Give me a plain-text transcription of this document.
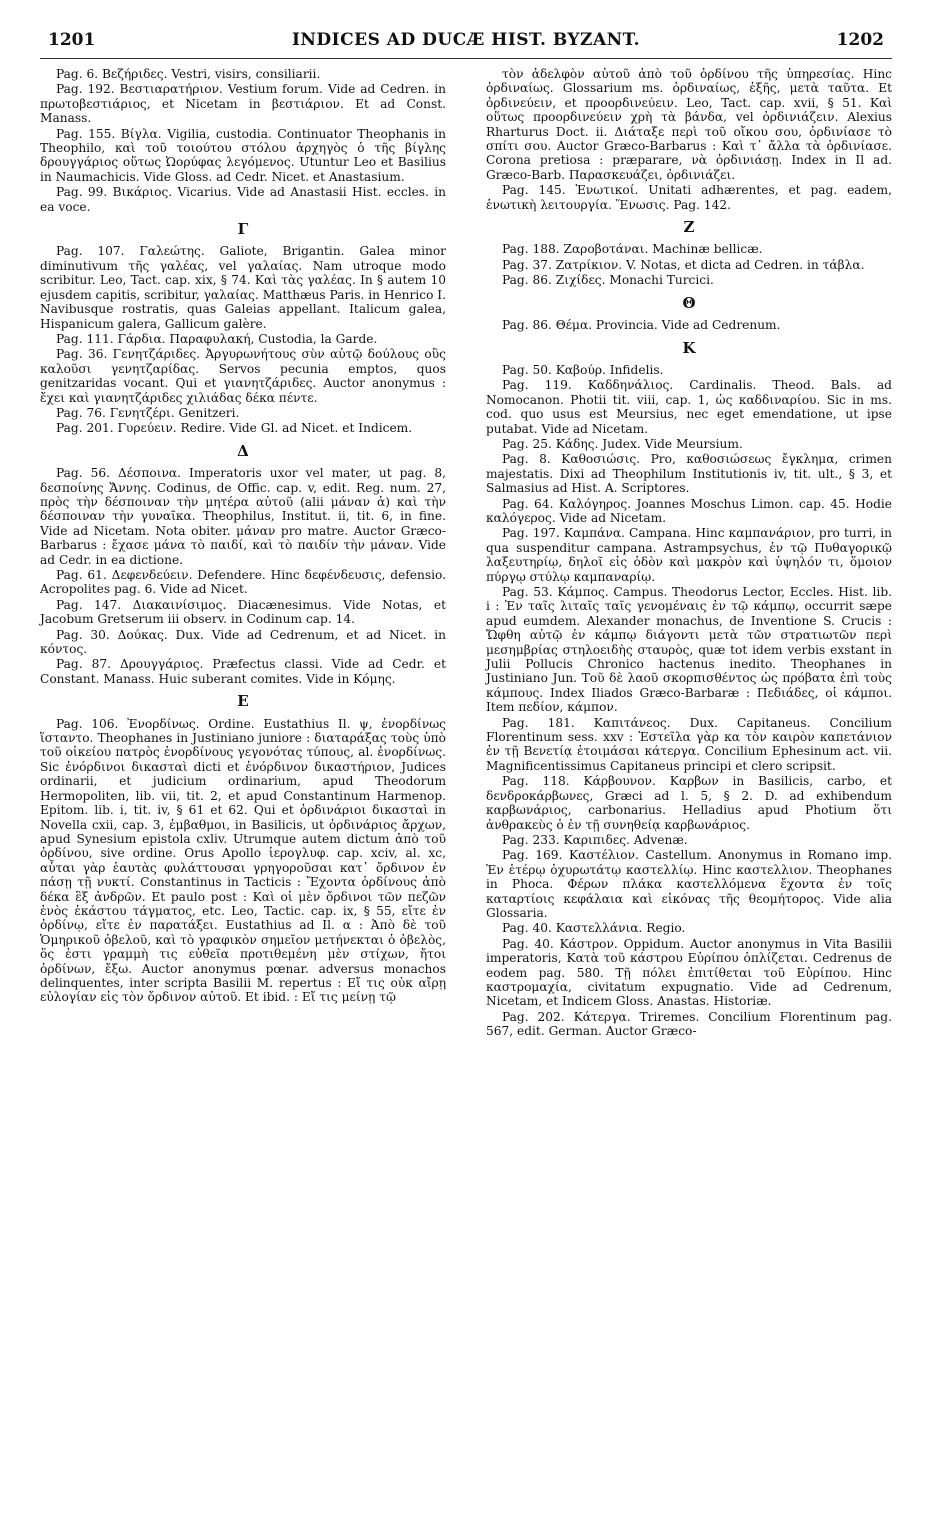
1201	INDICES AD DUCÆ HIST. BYZANT.	1202

Pag. 6. Βεζήριδες. Vestri, visirs, consiliarii.

Pag. 192. Βεστιαρατήριον. Vestium forum. Vide ad Cedren. in πρωτοβεστιάριος, et Nicetam in βεστιάριον. Et ad Const. Manass.

Pag. 155. Βίγλα. Vigilia, custodia. Continuator Theophanis in Theophilo, καὶ τοῦ τοιούτου στόλου ἀρχηγὸς ὁ τῆς βίγλης δρουγγάριος οὕτως Ὠορύφας λεγόμενος. Utuntur Leo et Basilius in Naumachicis. Vide Gloss. ad Cedr. Nicet. et Anastasium.

Pag. 99. Βικάριος. Vicarius. Vide ad Anastasii Hist. eccles. in ea voce.

Γ

Pag. 107. Γαλεώτης. Galiote, Brigantin. Galea minor diminutivum τῆς γαλέας, vel γαλαίας. Nam utroque modo scribitur. Leo, Tact. cap. xix, § 74. Καὶ τὰς γαλέας. In § autem 10 ejusdem capitis, scribitur, γαλαίας. Matthæus Paris. in Henrico I. Navibusque rostratis, quas Galeias appellant. Italicum galea, Hispanicum galera, Gallicum galère.

Pag. 111. Γάρδια. Παραφυλακή, Custodia, la Garde.

Pag. 36. Γενητζάριδες. Ἀργυρωνήτους σὺν αὐτῷ δούλους οὓς καλοῦσι γενητζαρίδας. Servos pecunia emptos, quos genitzaridas vocant. Qui et γιανητζάριδες. Auctor anonymus : ἔχει καὶ γιανητζάριδες χιλιάδας δέκα πέντε.

Pag. 76. Γενητζέρι. Genitzeri.

Pag. 201. Γυρεύειν. Redire. Vide Gl. ad Nicet. et Indicem.

Δ

Pag. 56. Δέσποινα. Imperatoris uxor vel mater, ut pag. 8, δεσποίνης Ἄννης. Codinus, de Offic. cap. v, edit. Reg. num. 27, πρὸς τὴν δέσποιναν τὴν μητέρα αὐτοῦ (alii μάναν ἁ) καὶ τὴν δέσποιναν τὴν γυναῖκα. Theophilus, Institut. ii, tit. 6, in fine. Vide ad Nicetam. Nota obiter. μάναν pro matre. Auctor Græco-Barbarus : ἔχασε μάνα τὸ παιδί, καὶ τὸ παιδίν τὴν μάναν. Vide ad Cedr. in ea dictione.

Pag. 61. Δεφενδεύειν. Defendere. Hinc δεφένδευσις, defensio. Acropolites pag. 6. Vide ad Nicet.

Pag. 147. Διακαινίσιμος. Diacænesimus. Vide Notas, et Jacobum Gretserum iii observ. in Codinum cap. 14.

Pag. 30. Δούκας. Dux. Vide ad Cedrenum, et ad Nicet. in κόντος.

Pag. 87. Δρουγγάριος. Præfectus classi. Vide ad Cedr. et Constant. Manass. Huic suberant comites. Vide in Κόμης.

Ε

Pag. 106. Ἐνορδίνως. Ordine. Eustathius Il. ψ, ἐνορδίνως ἵσταντο. Theophanes in Justiniano juniore : διαταράξας τοὺς ὑπὸ τοῦ οἰκείου πατρὸς ἐνορδίνους γεγονότας τύπους, al. ἐνορδίνως. Sic ἐνόρδινοι δικασταὶ dicti et ἐνόρδινον δικαστήριον, Judices ordinarii, et judicium ordinarium, apud Theodorum Hermopoliten, lib. vii, tit. 2, et apud Constantinum Harmenop. Epitom. lib. i, tit. iv, § 61 et 62. Qui et ὀρδινάριοι δικασταὶ in Novella cxii, cap. 3, ἐμβαθμοι, in Basilicis, ut ὀρδινάριος ἄρχων, apud Synesium epistola cxliv. Utrumque autem dictum ἀπὸ τοῦ ὀρδίνου, sive ordine. Orus Apollo ἱερογλυφ. cap. xciv, al. xc, αὗται γὰρ ἑαυτὰς φυλάττουσαι γρηγοροῦσαι κατ᾽ ὄρδινον ἐν πάσῃ τῇ νυκτί. Constantinus in Tacticis : Ἔχοντα ὀρδίνους ἀπὸ δέκα ἓξ ἀνδρῶν. Et paulo post : Καὶ οἱ μὲν ὄρδινοι τῶν πεζῶν ἑνὸς ἑκάστου τάγματος, etc. Leo, Tactic. cap. ix, § 55, εἴτε ἐν ὀρδίνῳ, εἴτε ἐν παρατάξει. Eustathius ad Il. α : Ἀπὸ δὲ τοῦ Ὁμηρικοῦ ὀβελοῦ, καὶ τὸ γραφικὸν σημεῖον μετήνεκται ὁ ὀβελὸς, ὅς ἐστι γραμμὴ τις εὐθεῖα προτιθεμένη μὲν στίχων, ἤτοι ὀρδίνων, ἔξω. Auctor anonymus pœnar. adversus monachos delinquentes, inter scripta Basilii M. repertus : Εἴ τις οὐκ αἴρῃ εὐλογίαν εἰς τὸν ὄρδινον αὐτοῦ. Et ibid. : Εἴ τις μείνῃ τῷ

τὸν ἀδελφὸν αὐτοῦ ἀπὸ τοῦ ὀρδίνου τῆς ὑπηρεσίας. Hinc ὀρδιναίως. Glossarium ms. ὀρδιναίως, ἑξῆς, μετὰ ταῦτα. Et ὀρδινεύειν, et προορδινεύειν. Leo, Tact. cap. xvii, § 51. Καὶ οὕτως προορδινεύειν χρὴ τὰ βάνδα, vel ὀρδινιάζειν. Alexius Rharturus Doct. ii. Διάταξε περὶ τοῦ οἴκου σου, ὀρδινίασε τὸ σπίτι σου. Auctor Græco-Barbarus : Καὶ τ᾽ ἄλλα τὰ ὀρδινίασε. Corona pretiosa : præparare, νὰ ὀρδινιάσῃ. Index in Il ad. Græco-Barb. Παρασκευάζει, ὀρδινιάζει.

Pag. 145. Ἐνωτικοί. Unitati adhærentes, et pag. eadem, ἑνωτικὴ λειτουργία. Ἕνωσις. Pag. 142.

Ζ

Pag. 188. Ζαροβοτάναι. Machinæ bellicæ.

Pag. 37. Ζατρίκιον. V. Notas, et dicta ad Cedren. in τάβλα.

Pag. 86. Ζιχίδες. Monachi Turcici.

Θ

Pag. 86. Θέμα. Provincia. Vide ad Cedrenum.

Κ

Pag. 50. Καβούρ. Infidelis.

Pag. 119. Καδδηνάλιος. Cardinalis. Theod. Bals. ad Nomocanon. Photii tit. viii, cap. 1, ὡς καδδιναρίου. Sic in ms. cod. quo usus est Meursius, nec eget emendatione, ut ipse putabat. Vide ad Nicetam.

Pag. 25. Κάδης. Judex. Vide Meursium.

Pag. 8. Καθοσιώσις. Pro, καθοσιώσεως ἔγκλημα, crimen majestatis. Dixi ad Theophilum Institutionis iv, tit. ult., § 3, et Salmasius ad Hist. A. Scriptores.

Pag. 64. Καλόγηρος. Joannes Moschus Limon. cap. 45. Hodie καλόγερος. Vide ad Nicetam.

Pag. 197. Καμπάνα. Campana. Hinc καμπανάριον, pro turri, in qua suspenditur campana. Astrampsychus, ἐν τῷ Πυθαγορικῷ λαξευτηρίῳ, δηλοῖ εἰς ὁδὸν καὶ μακρὸν καὶ ὑψηλόν τι, ὅμοιον πύργῳ στύλῳ καμπαναρίῳ.

Pag. 53. Κάμπος. Campus. Theodorus Lector, Eccles. Hist. lib. i : Ἐν ταῖς λιταῖς ταῖς γενομέναις ἐν τῷ κάμπῳ, occurrit sæpe apud eumdem. Alexander monachus, de Inventione S. Crucis : Ὤφθη αὐτῷ ἐν κάμπῳ διάγοντι μετὰ τῶν στρατιωτῶν περὶ μεσημβρίας στηλοειδὴς σταυρὸς, quæ tot idem verbis exstant in Julii Pollucis Chronico hactenus inedito. Theophanes in Justiniano Jun. Τοῦ δὲ λαοῦ σκορπισθέντος ὡς πρόβατα ἐπὶ τοὺς κάμπους. Index Iliados Græco-Barbaræ : Πεδιάδες, οἱ κάμποι. Item πεδίον, κάμπον.

Pag. 181. Καπιτάνεος. Dux. Capitaneus. Concilium Florentinum sess. xxv : Ἐστεῖλα γὰρ κα τὸν καιρὸν καπετάνιον ἐν τῇ Βενετίᾳ ἑτοιμάσαι κάτεργα. Concilium Ephesinum act. vii. Magnificentissimus Capitaneus principi et clero scripsit.

Pag. 118. Κάρβουνον. Καρβων in Basilicis, carbo, et δενδροκάρβωνες, Græci ad l. 5, § 2. D. ad exhibendum καρβωνάριος, carbonarius. Helladius apud Photium ὅτι ἀνθρακεὺς ὁ ἐν τῇ συνηθείᾳ καρβωνάριος.

Pag. 233. Καριπιδες. Advenæ.

Pag. 169. Καστέλιον. Castellum. Anonymus in Romano imp. Ἐν ἑτέρῳ ὀχυρωτάτῳ καστελλίῳ. Hinc καστελλιον. Theophanes in Phoca. Φέρων πλάκα καστελλόμενα ἔχοντα ἐν τοῖς καταρτίοις κεφάλαια καὶ εἰκόνας τῆς θεομήτορος. Vide alia Glossaria.

Pag. 40. Καστελλάνια. Regio.

Pag. 40. Κάστρον. Oppidum. Auctor anonymus in Vita Basilii imperatoris, Κατὰ τοῦ κάστρου Εὐρίπου ὁπλίζεται. Cedrenus de eodem pag. 580. Τῇ πόλει ἐπιτίθεται τοῦ Εὐρίπου. Hinc καστρομαχία, civitatum expugnatio. Vide ad Cedrenum, Nicetam, et Indicem Gloss. Anastas. Historiæ.

Pag. 202. Κάτεργα. Triremes. Concilium Florentinum pag. 567, edit. German. Auctor Græco-
